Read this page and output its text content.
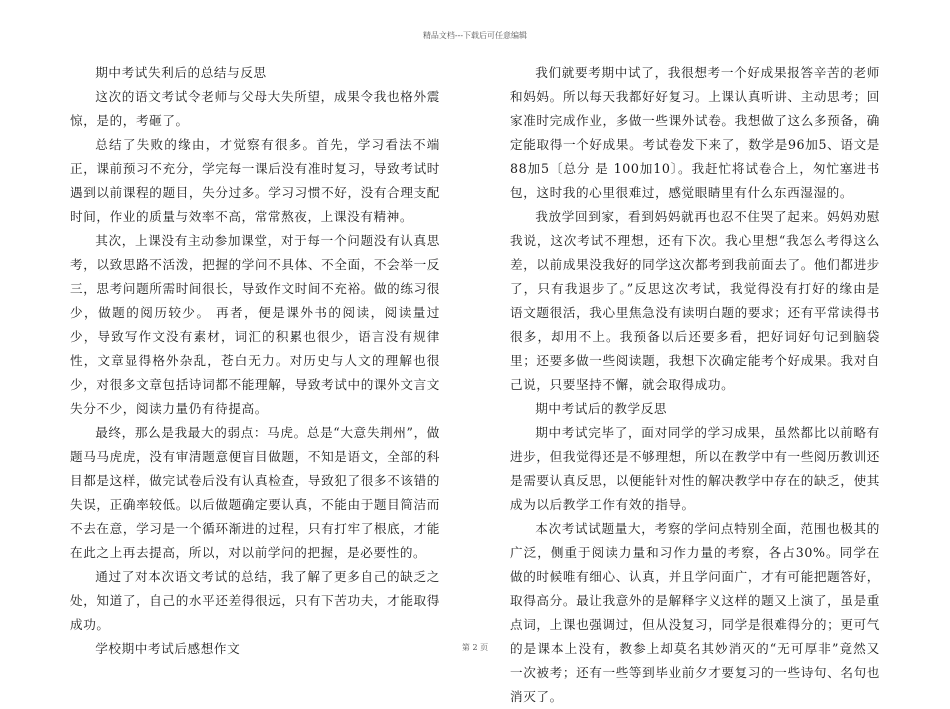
精品文档---下载后可任意编辑

期中考试失利后的总结与反思

这次的语文考试令老师与父母大失所望，成果令我也格外震惊，是的，考砸了。

总结了失败的缘由，才觉察有很多。首先，学习看法不端正，课前预习不充分，学完每一课后没有准时复习，导致考试时遇到以前课程的题目，失分过多。学习习惯不好，没有合理支配时间，作业的质量与效率不高，常常熬夜，上课没有精神。

其次，上课没有主动参加课堂，对于每一个问题没有认真思考，以致思路不活泼，把握的学问不具体、不全面，不会举一反三，思考问题所需时间很长，导致作文时间不充裕。做的练习很少，做题的阅历较少。 再者，便是课外书的阅读，阅读量过少，导致写作文没有素材，词汇的积累也很少，语言没有规律性，文章显得格外杂乱，苍白无力。对历史与人文的理解也很少，对很多文章包括诗词都不能理解，导致考试中的课外文言文失分不少，阅读力量仍有待提高。

最终，那么是我最大的弱点：马虎。总是“大意失荆州”，做题马马虎虎，没有审清题意便盲目做题，不知是语文，全部的科目都是这样，做完试卷后没有认真检查，导致犯了很多不该错的失误，正确率较低。以后做题确定要认真，不能由于题目简洁而不去在意，学习是一个循环渐进的过程，只有打牢了根底，才能在此之上再去提高，所以，对以前学问的把握，是必要性的。

通过了对本次语文考试的总结，我了解了更多自己的缺乏之处，知道了，自己的水平还差得很远，只有下苦功夫，才能取得成功。

学校期中考试后感想作文

我们就要考期中试了，我很想考一个好成果报答辛苦的老师和妈妈。所以每天我都好好复习。上课认真听讲、主动思考；回家准时完成作业，多做一些课外试卷。我想做了这么多预备，确定能取得一个好成果。考试卷发下来了，数学是96加5、语文是88加5〔总分 是 100加10〕。我赶忙将试卷合上，匆忙塞进书包，这时我的心里很难过，感觉眼睛里有什么东西湿湿的。

我放学回到家，看到妈妈就再也忍不住哭了起来。妈妈劝慰我说，这次考试不理想，还有下次。我心里想“我怎么考得这么差，以前成果没我好的同学这次都考到我前面去了。他们都进步了，只有我退步了。”反思这次考试，我觉得没有打好的缘由是语文题很活，我心里焦急没有读明白题的要求；还有平常读得书很多，却用不上。我预备以后还要多看，把好词好句记到脑袋里；还要多做一些阅读题，我想下次确定能考个好成果。我对自己说，只要坚持不懈，就会取得成功。

期中考试后的教学反思

期中考试完毕了，面对同学的学习成果，虽然都比以前略有进步，但我觉得还是不够理想，所以在教学中有一些阅历教训还是需要认真反思，以便能针对性的解决教学中存在的缺乏，使其成为以后教学工作有效的指导。

本次考试试题量大，考察的学问点特别全面，范围也极其的广泛，侧重于阅读力量和习作力量的考察，各占30%。同学在做的时候唯有细心、认真，并且学问面广，才有可能把题答好，取得高分。最让我意外的是解释字义这样的题又上演了，虽是重点词，上课也强调过，但从没复习，同学是很难得分的；更可气的是课本上没有，教参上却莫名其妙消灭的“无可厚非”竟然又一次被考；还有一些等到毕业前夕才要复习的一些诗句、名句也消灭了。

第 2 页
